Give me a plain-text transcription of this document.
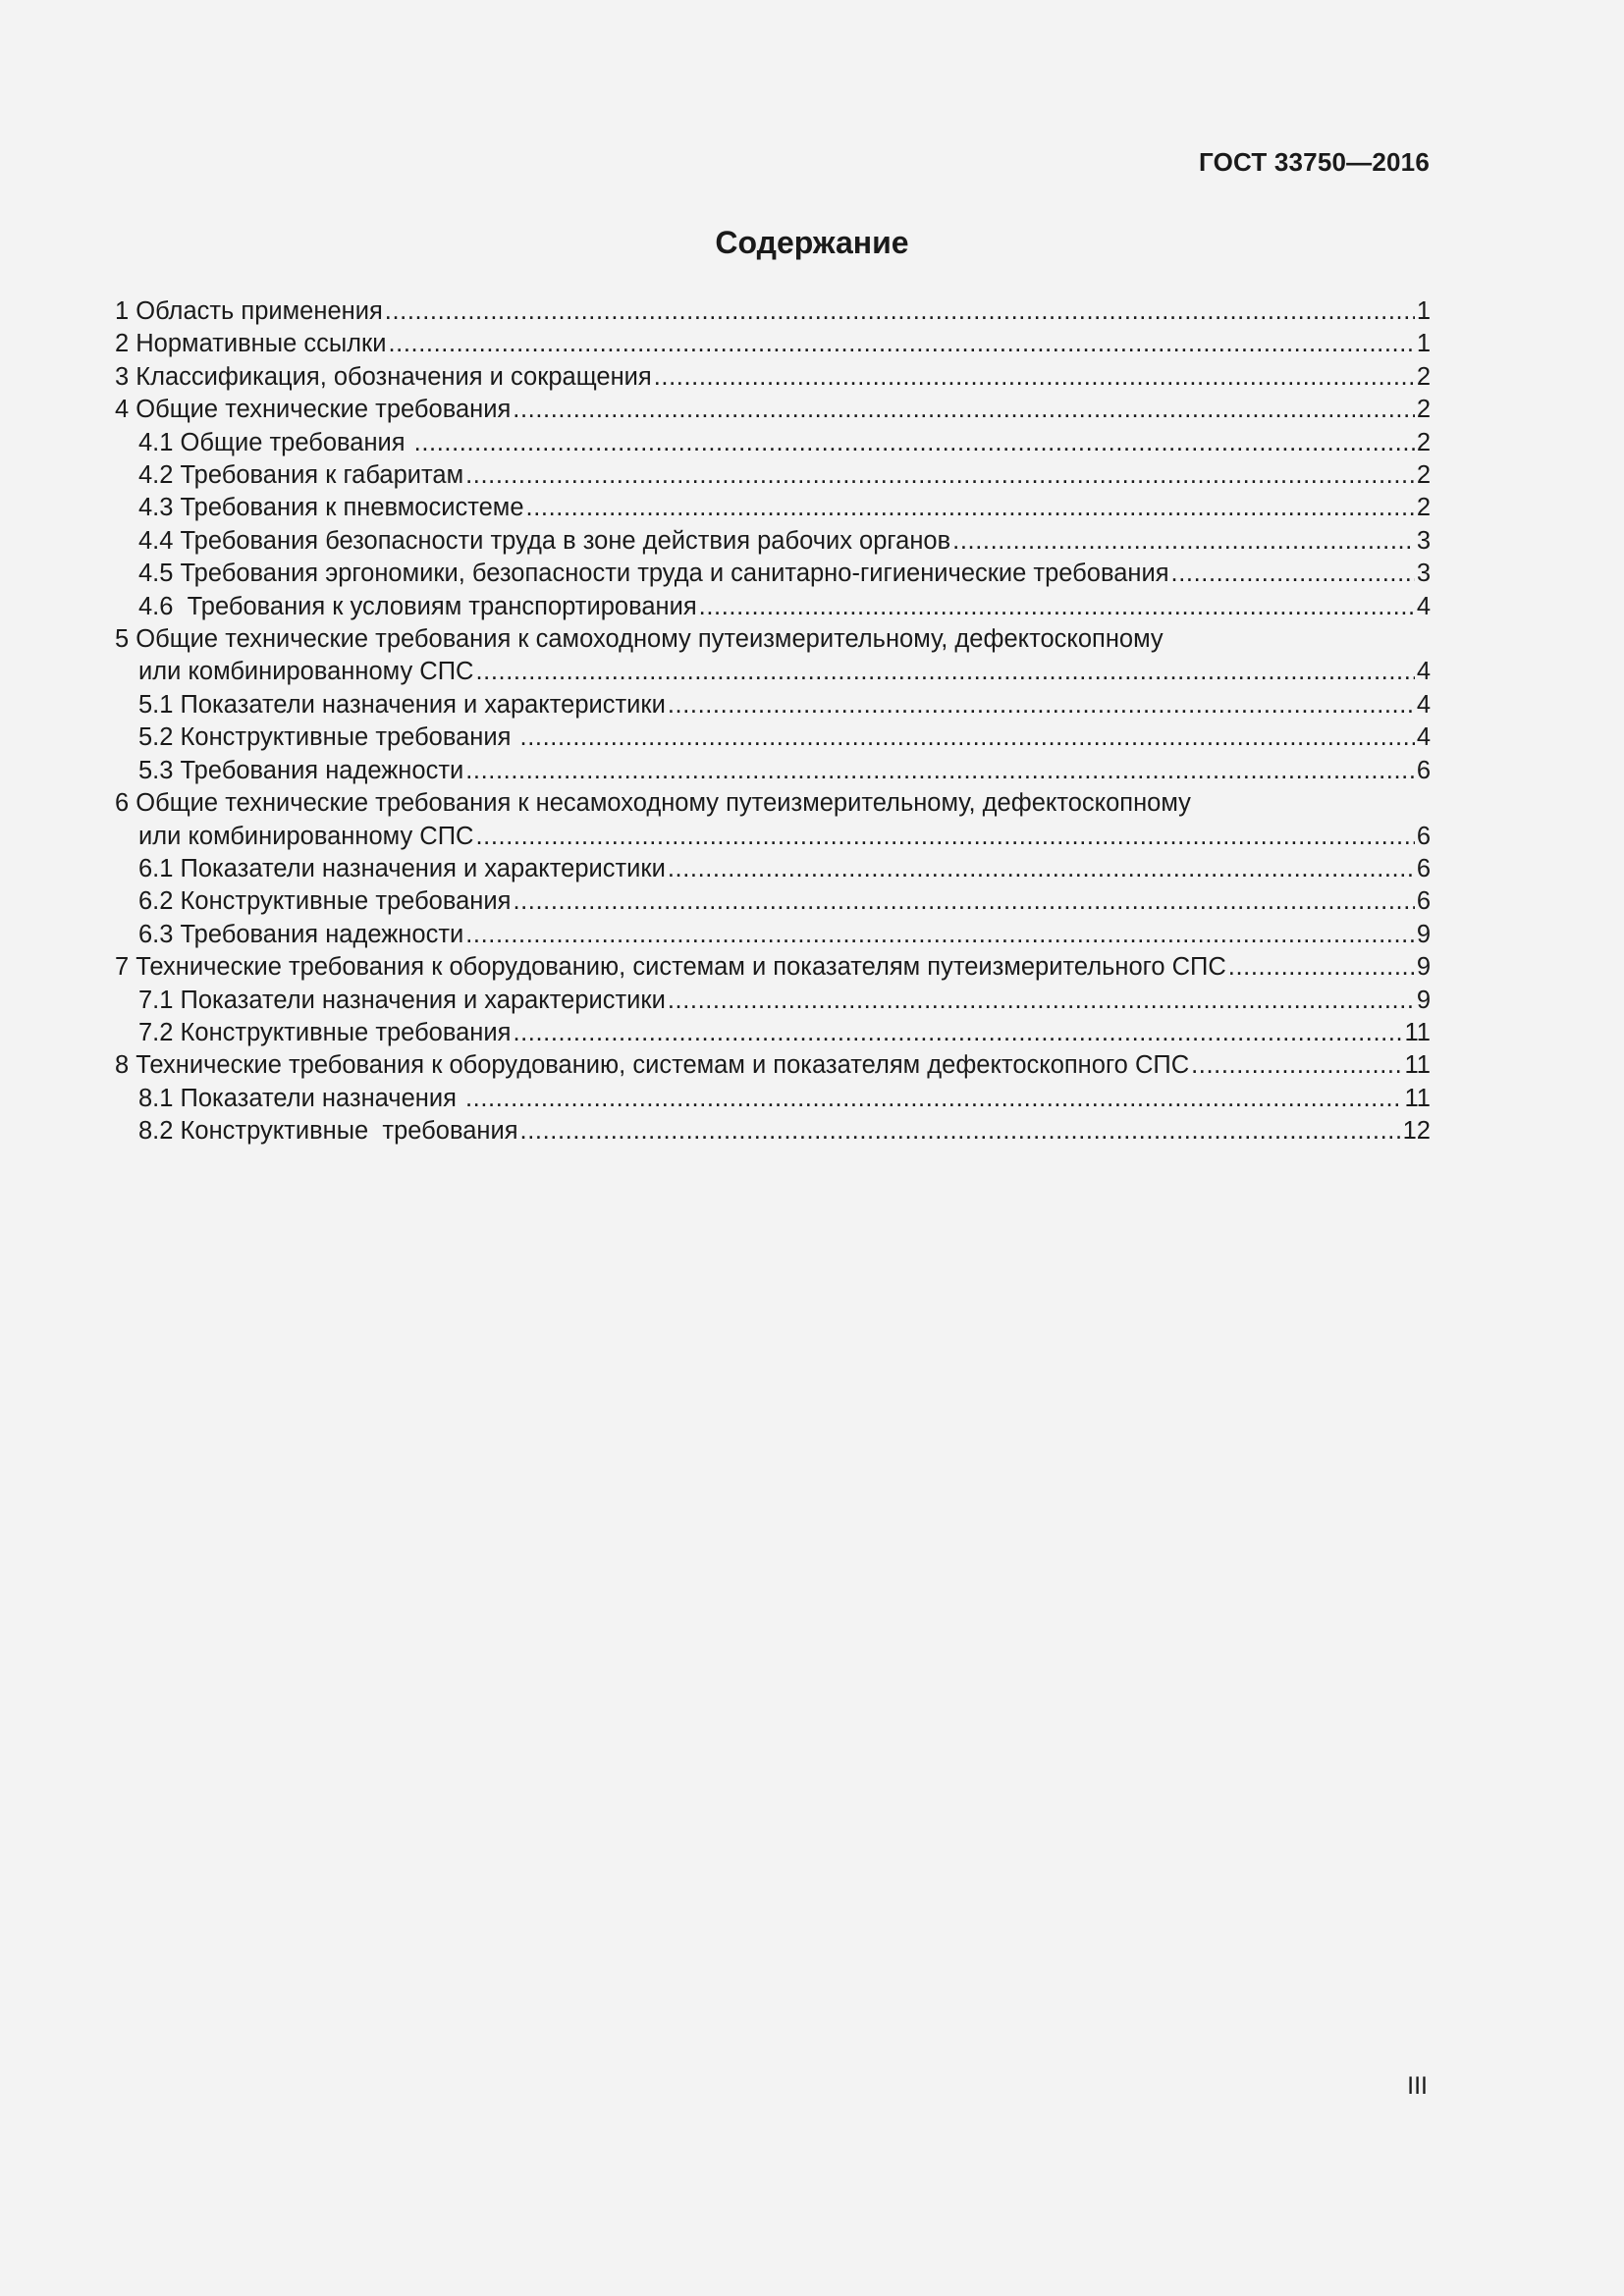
ГОСТ 33750—2016
Содержание
1 Область применения .....	1
2 Нормативные ссылки .....	1
3 Классификация, обозначения и сокращения .....	2
4 Общие технические требования .....	2
4.1 Общие требования .....	2
4.2 Требования к габаритам .....	2
4.3 Требования к пневмосистеме .....	2
4.4 Требования безопасности труда в зоне действия рабочих органов .....	3
4.5 Требования эргономики, безопасности труда и санитарно-гигиенические требования .....	3
4.6  Требования к условиям транспортирования .....	4
5 Общие технические требования к самоходному путеизмерительному, дефектоскопному
или комбинированному СПС .....	4
5.1 Показатели назначения и характеристики .....	4
5.2 Конструктивные требования .....	4
5.3 Требования надежности .....	6
6 Общие технические требования к несамоходному путеизмерительному, дефектоскопному
или комбинированному СПС .....	6
6.1 Показатели назначения и характеристики .....	6
6.2 Конструктивные требования .....	6
6.3 Требования надежности .....	9
7 Технические требования к оборудованию, системам и показателям путеизмерительного СПС .....	9
7.1 Показатели назначения и характеристики .....	9
7.2 Конструктивные требования .....	11
8 Технические требования к оборудованию, системам и показателям дефектоскопного СПС .....	11
8.1 Показатели назначения .....	11
8.2 Конструктивные  требования .....	12
III
